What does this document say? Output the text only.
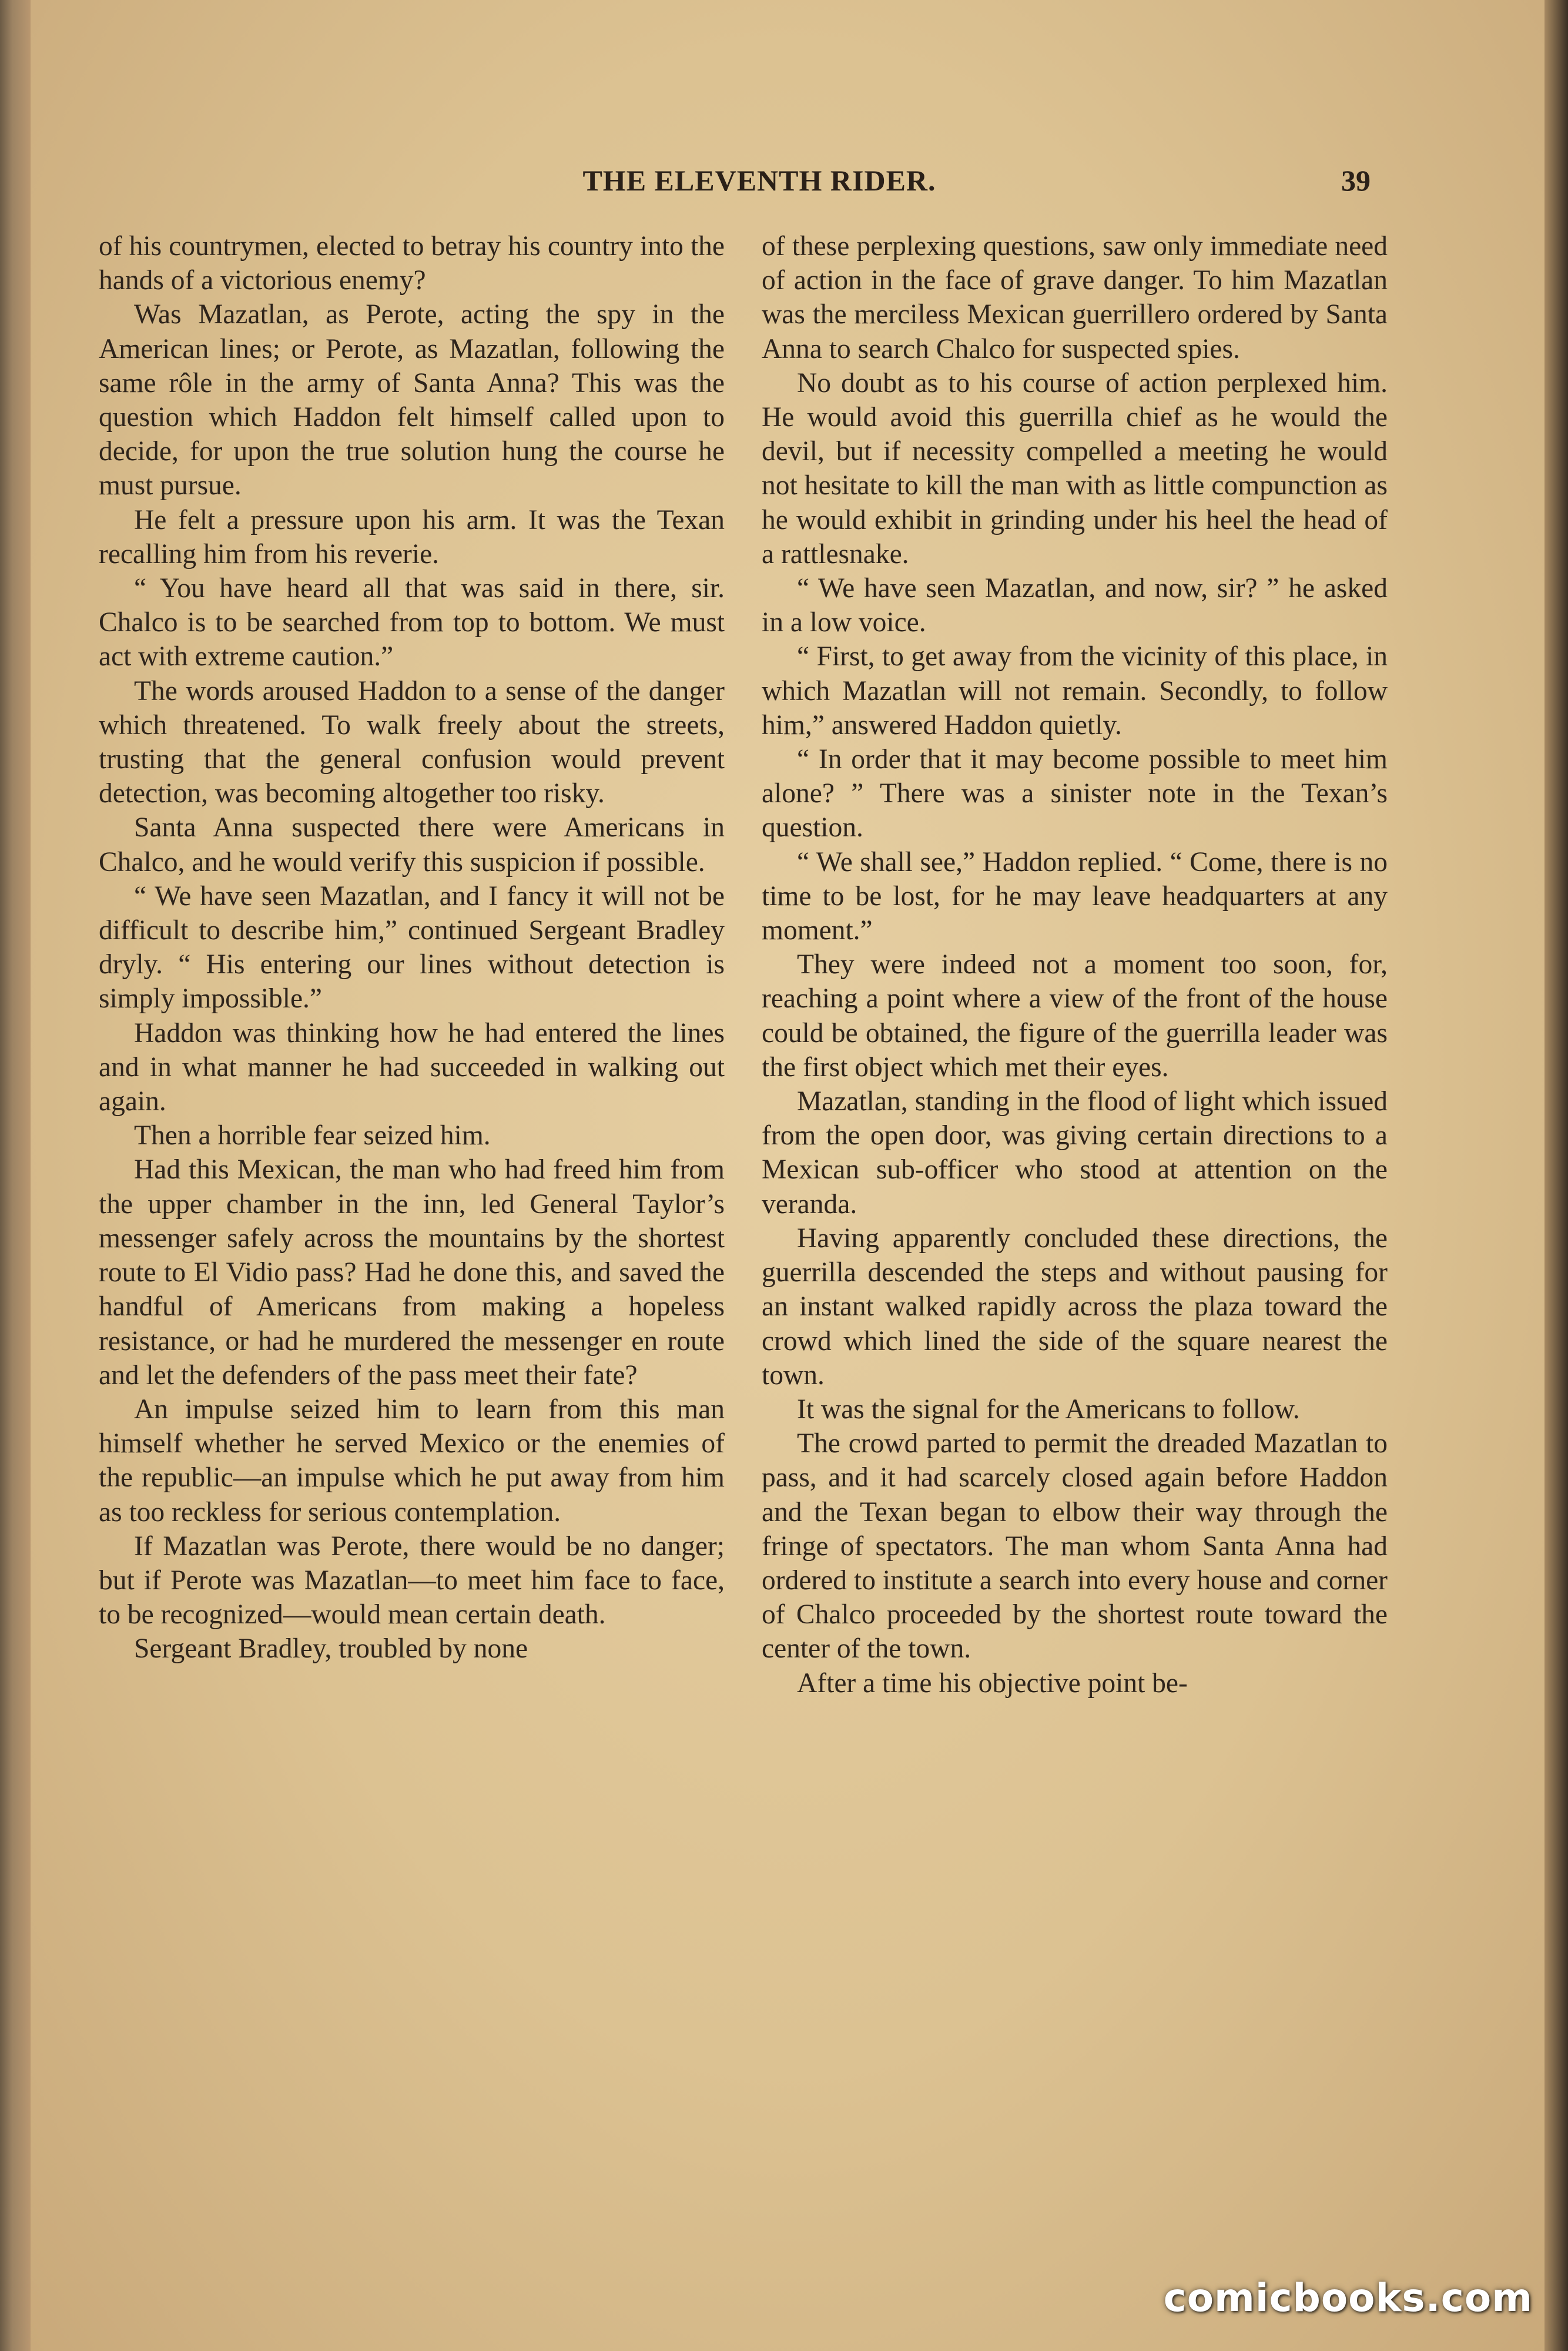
THE ELEVENTH RIDER.	39

of his countrymen, elected to betray his country into the hands of a victorious enemy?

Was Mazatlan, as Perote, acting the spy in the American lines; or Perote, as Mazatlan, following the same rôle in the army of Santa Anna? This was the question which Haddon felt himself called upon to decide, for upon the true solution hung the course he must pursue.

He felt a pressure upon his arm. It was the Texan recalling him from his reverie.

“ You have heard all that was said in there, sir. Chalco is to be searched from top to bottom. We must act with extreme caution.”

The words aroused Haddon to a sense of the danger which threatened. To walk freely about the streets, trusting that the general confusion would prevent detection, was becoming altogether too risky.

Santa Anna suspected there were Americans in Chalco, and he would verify this suspicion if possible.

“ We have seen Mazatlan, and I fancy it will not be difficult to describe him,” continued Sergeant Bradley dryly. “ His entering our lines without detection is simply impossible.”

Haddon was thinking how he had entered the lines and in what manner he had succeeded in walking out again.

Then a horrible fear seized him.

Had this Mexican, the man who had freed him from the upper chamber in the inn, led General Taylor’s messenger safely across the mountains by the shortest route to El Vidio pass? Had he done this, and saved the handful of Americans from making a hopeless resistance, or had he murdered the messenger en route and let the defenders of the pass meet their fate?

An impulse seized him to learn from this man himself whether he served Mexico or the enemies of the republic—an impulse which he put away from him as too reckless for serious contemplation.

If Mazatlan was Perote, there would be no danger; but if Perote was Mazatlan—to meet him face to face, to be recognized—would mean certain death.

Sergeant Bradley, troubled by none

of these perplexing questions, saw only immediate need of action in the face of grave danger. To him Mazatlan was the merciless Mexican guerrillero ordered by Santa Anna to search Chalco for suspected spies.

No doubt as to his course of action perplexed him. He would avoid this guerrilla chief as he would the devil, but if necessity compelled a meeting he would not hesitate to kill the man with as little compunction as he would exhibit in grinding under his heel the head of a rattlesnake.

“ We have seen Mazatlan, and now, sir? ” he asked in a low voice.

“ First, to get away from the vicinity of this place, in which Mazatlan will not remain. Secondly, to follow him,” answered Haddon quietly.

“ In order that it may become possible to meet him alone? ” There was a sinister note in the Texan’s question.

“ We shall see,” Haddon replied. “ Come, there is no time to be lost, for he may leave headquarters at any moment.”

They were indeed not a moment too soon, for, reaching a point where a view of the front of the house could be obtained, the figure of the guerrilla leader was the first object which met their eyes.

Mazatlan, standing in the flood of light which issued from the open door, was giving certain directions to a Mexican sub-officer who stood at attention on the veranda.

Having apparently concluded these directions, the guerrilla descended the steps and without pausing for an instant walked rapidly across the plaza toward the crowd which lined the side of the square nearest the town.

It was the signal for the Americans to follow.

The crowd parted to permit the dreaded Mazatlan to pass, and it had scarcely closed again before Haddon and the Texan began to elbow their way through the fringe of spectators. The man whom Santa Anna had ordered to institute a search into every house and corner of Chalco proceeded by the shortest route toward the center of the town.

After a time his objective point be-

comicbooks.com
